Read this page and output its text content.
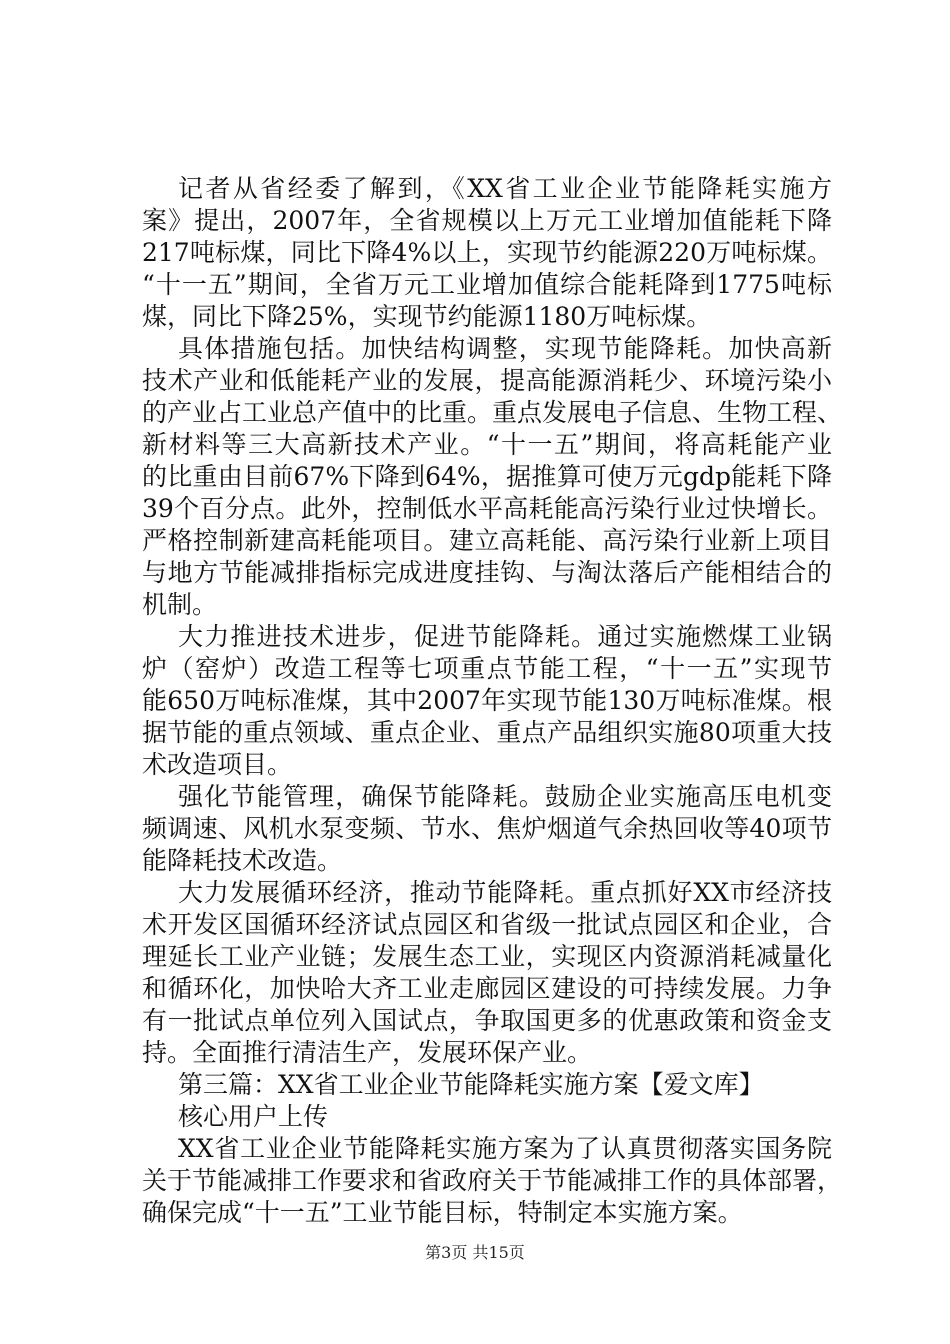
记者从省经委了解到，《XX省工业企业节能降耗实施方
案》提出，2007年，全省规模以上万元工业增加值能耗下降
217吨标煤，同比下降4%以上，实现节约能源220万吨标煤。
“十一五”期间，全省万元工业增加值综合能耗降到1775吨标
煤，同比下降25%，实现节约能源1180万吨标煤。
具体措施包括。加快结构调整，实现节能降耗。加快高新
技术产业和低能耗产业的发展，提高能源消耗少、环境污染小
的产业占工业总产值中的比重。重点发展电子信息、生物工程、
新材料等三大高新技术产业。“十一五”期间，将高耗能产业
的比重由目前67%下降到64%，据推算可使万元gdp能耗下降
39个百分点。此外，控制低水平高耗能高污染行业过快增长。
严格控制新建高耗能项目。建立高耗能、高污染行业新上项目
与地方节能减排指标完成进度挂钩、与淘汰落后产能相结合的
机制。
大力推进技术进步，促进节能降耗。通过实施燃煤工业锅
炉（窑炉）改造工程等七项重点节能工程，“十一五”实现节
能650万吨标准煤，其中2007年实现节能130万吨标准煤。根
据节能的重点领域、重点企业、重点产品组织实施80项重大技
术改造项目。
强化节能管理，确保节能降耗。鼓励企业实施高压电机变
频调速、风机水泵变频、节水、焦炉烟道气余热回收等40项节
能降耗技术改造。
大力发展循环经济，推动节能降耗。重点抓好XX市经济技
术开发区国循环经济试点园区和省级一批试点园区和企业，合
理延长工业产业链；发展生态工业，实现区内资源消耗减量化
和循环化，加快哈大齐工业走廊园区建设的可持续发展。力争
有一批试点单位列入国试点，争取国更多的优惠政策和资金支
持。全面推行清洁生产，发展环保产业。
第三篇：XX省工业企业节能降耗实施方案【爱文库】
核心用户上传
XX省工业企业节能降耗实施方案为了认真贯彻落实国务院
关于节能减排工作要求和省政府关于节能减排工作的具体部署，
确保完成“十一五”工业节能目标，特制定本实施方案。
第3页 共15页
